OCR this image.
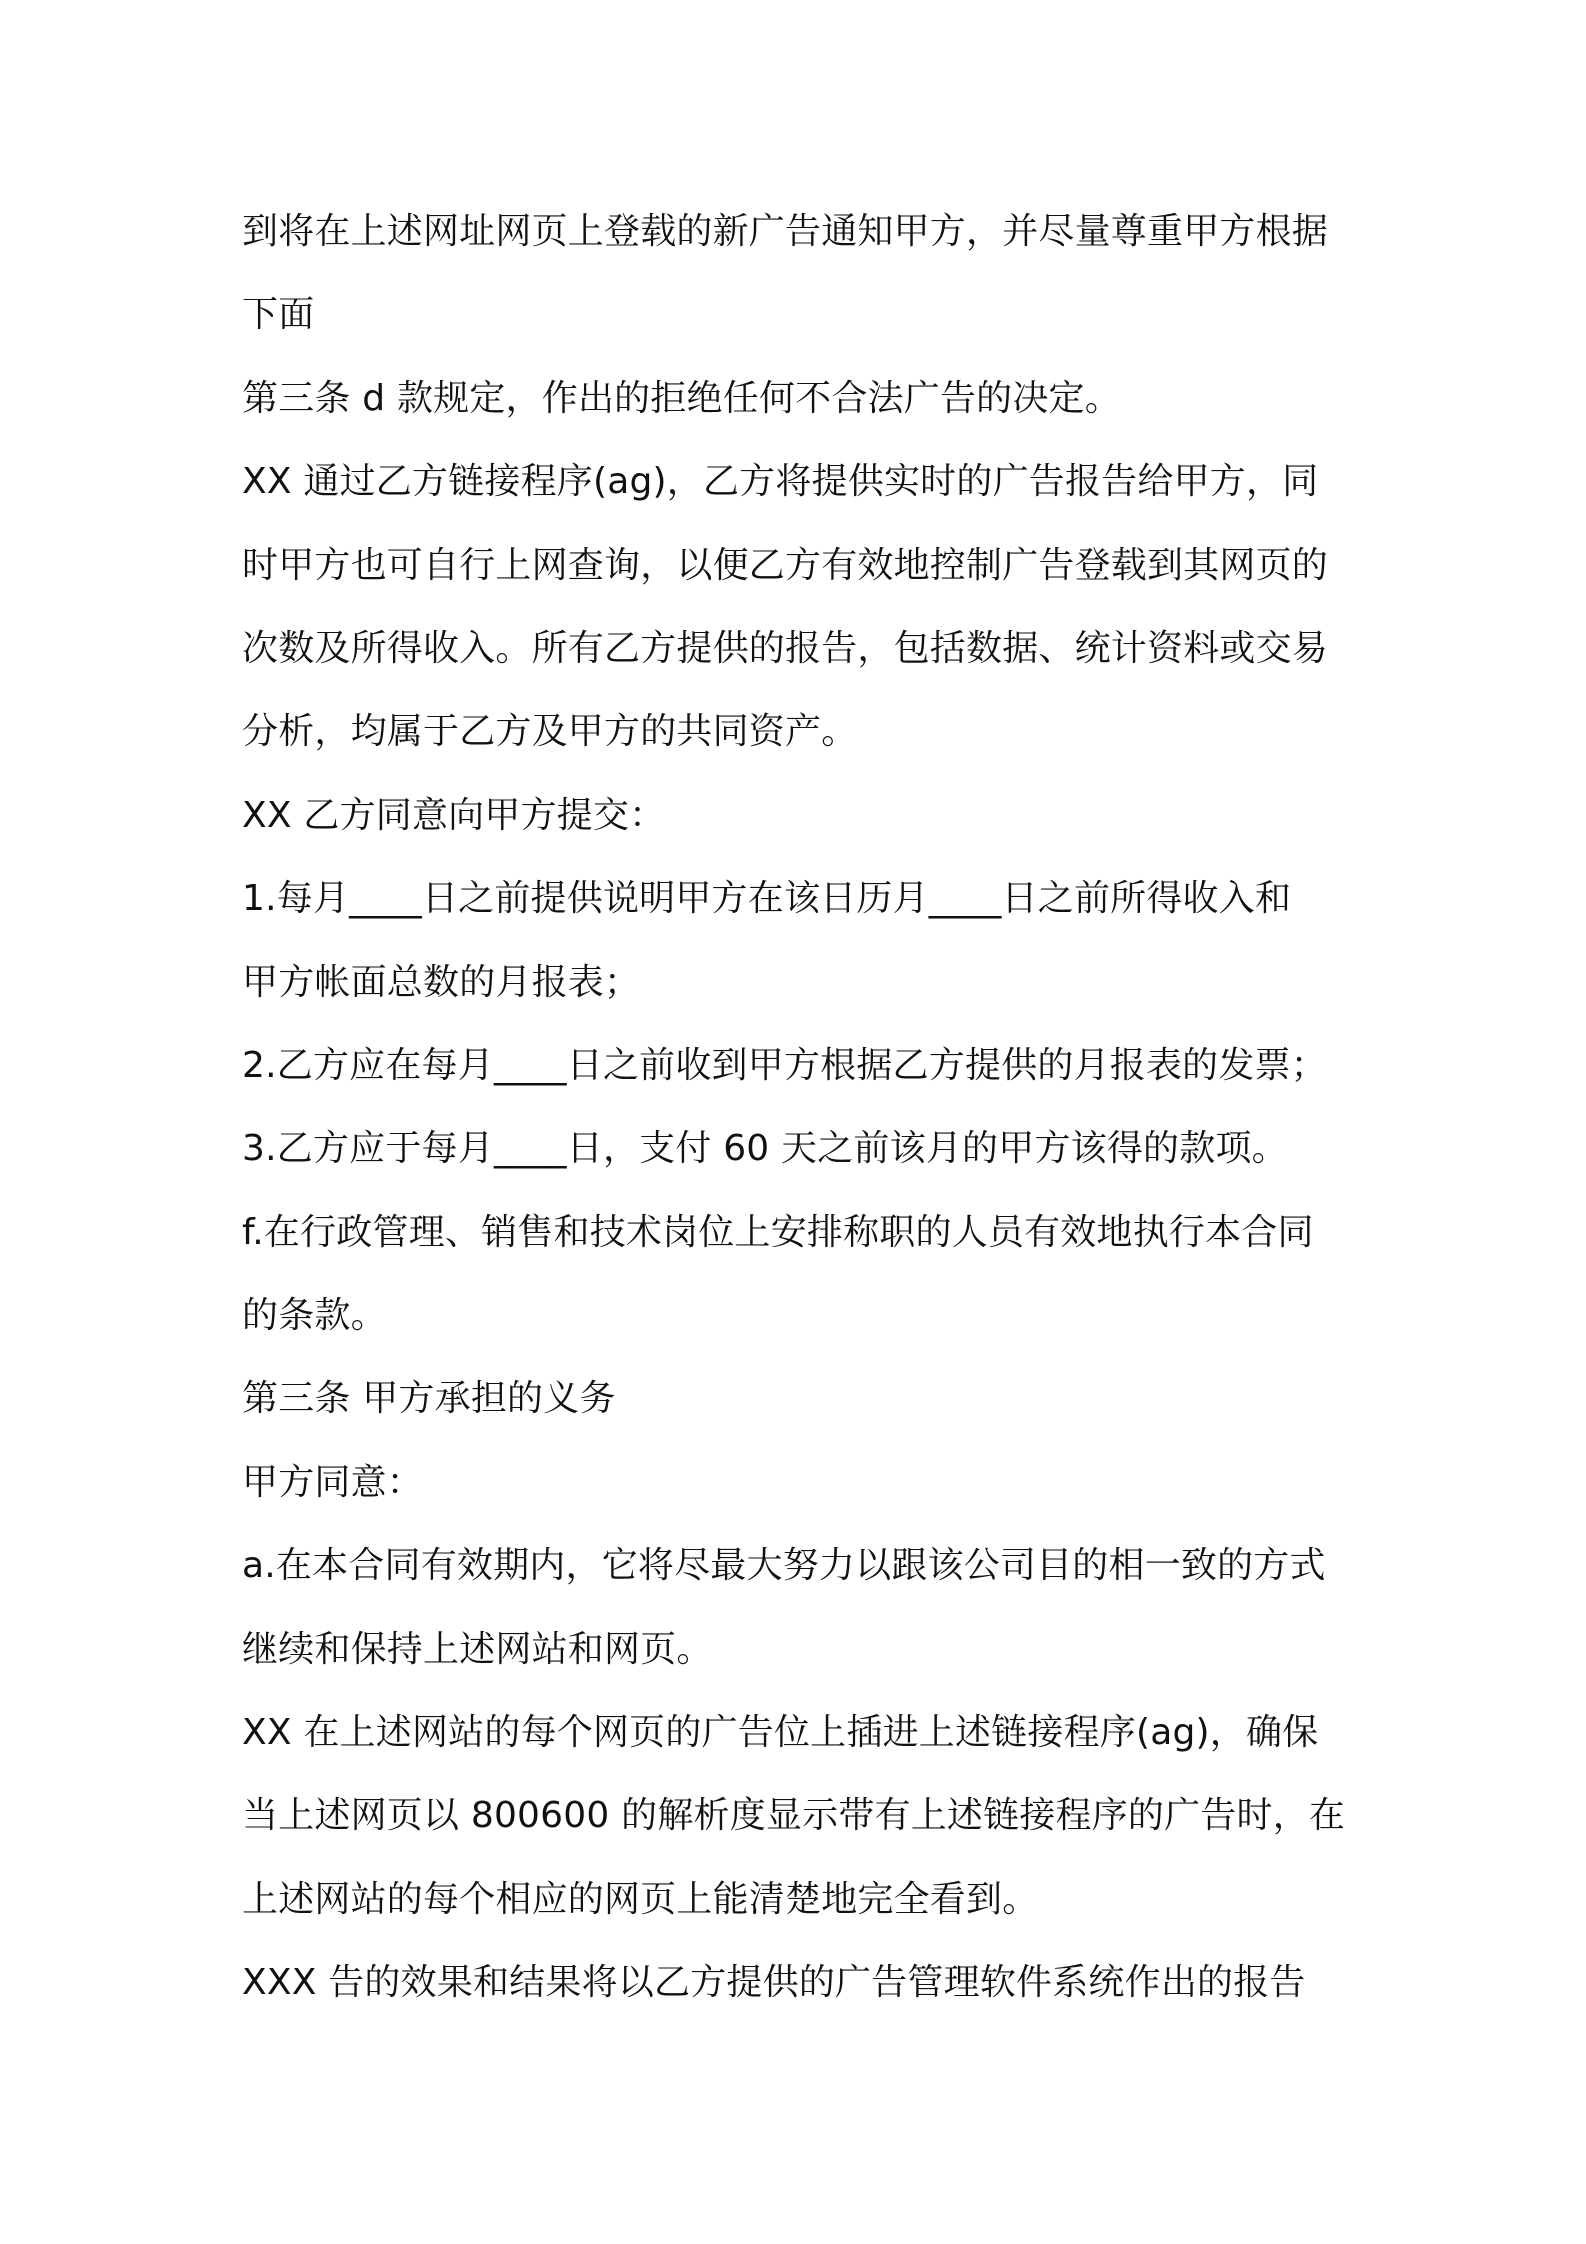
到将在上述网址网页上登载的新广告通知甲方，并尽量尊重甲方根据
下面
第三条 d 款规定，作出的拒绝任何不合法广告的决定。
XX 通过乙方链接程序(ag)，乙方将提供实时的广告报告给甲方，同
时甲方也可自行上网查询，以便乙方有效地控制广告登载到其网页的
次数及所得收入。所有乙方提供的报告，包括数据、统计资料或交易
分析，均属于乙方及甲方的共同资产。
XX 乙方同意向甲方提交：
1.每月____日之前提供说明甲方在该日历月____日之前所得收入和
甲方帐面总数的月报表；
2.乙方应在每月____日之前收到甲方根据乙方提供的月报表的发票；
3.乙方应于每月____日，支付 60 天之前该月的甲方该得的款项。
f.在行政管理、销售和技术岗位上安排称职的人员有效地执行本合同
的条款。
第三条 甲方承担的义务
甲方同意：
a.在本合同有效期内，它将尽最大努力以跟该公司目的相一致的方式
继续和保持上述网站和网页。
XX 在上述网站的每个网页的广告位上插进上述链接程序(ag)，确保
当上述网页以 800600 的解析度显示带有上述链接程序的广告时，在
上述网站的每个相应的网页上能清楚地完全看到。
XXX 告的效果和结果将以乙方提供的广告管理软件系统作出的报告
